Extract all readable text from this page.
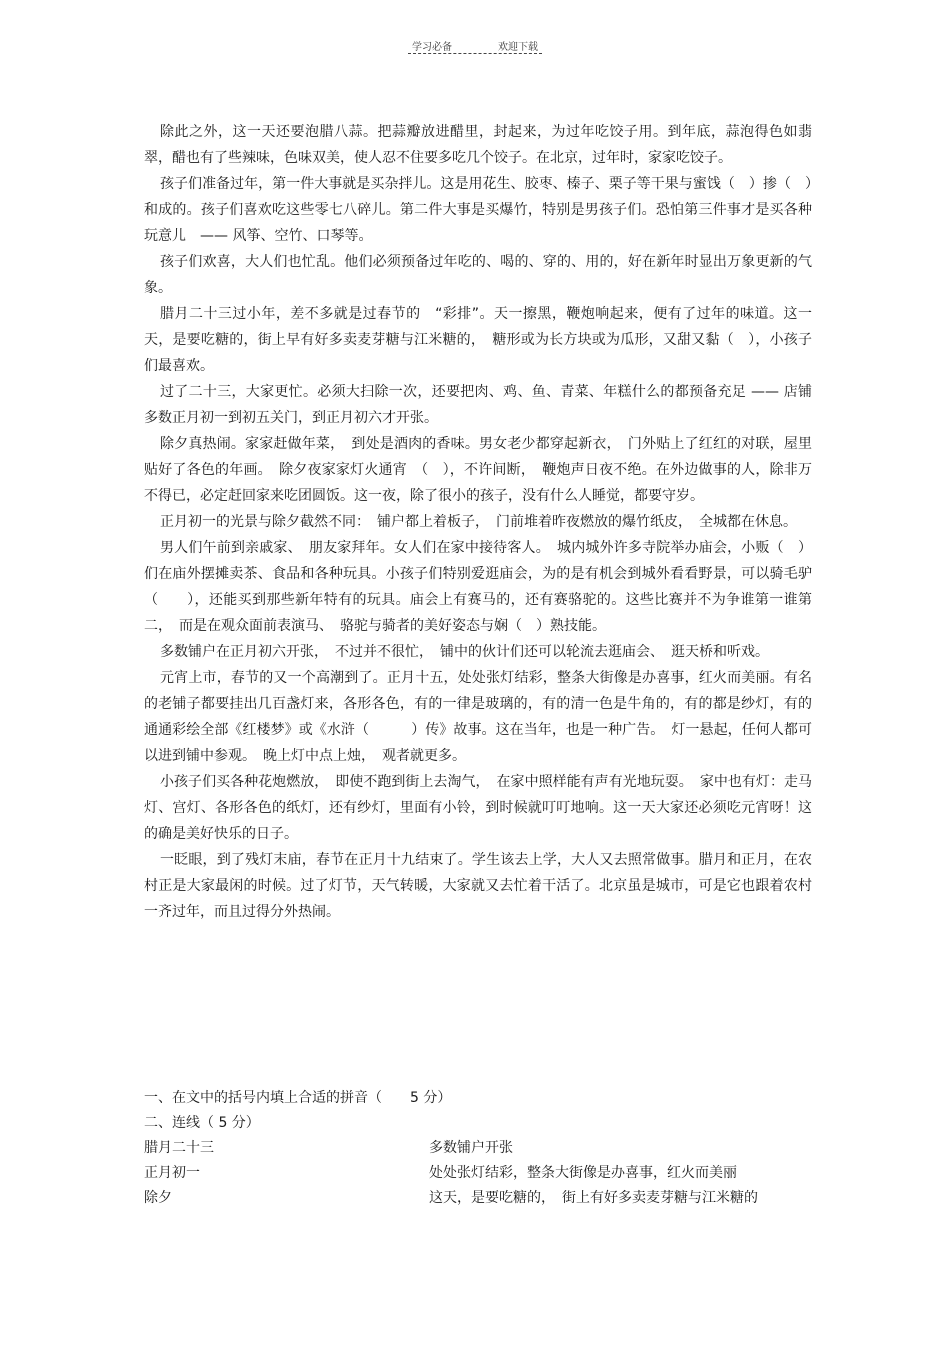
学习必备	欢迎下载

除此之外，这一天还要泡腊八蒜。把蒜瓣放进醋里，封起来，为过年吃饺子用。到年底，蒜泡得色如翡翠，醋也有了些辣味，色味双美，使人忍不住要多吃几个饺子。在北京，过年时，家家吃饺子。

孩子们准备过年，第一件大事就是买杂拌儿。这是用花生、胶枣、榛子、栗子等干果与蜜饯（　）掺（　）和成的。孩子们喜欢吃这些零七八碎儿。第二件大事是买爆竹，特别是男孩子们。恐怕第三件事才是买各种玩意儿　—— 风筝、空竹、口琴等。

孩子们欢喜，大人们也忙乱。他们必须预备过年吃的、喝的、穿的、用的，好在新年时显出万象更新的气象。

腊月二十三过小年，差不多就是过春节的　“彩排”。天一擦黑，鞭炮响起来，便有了过年的味道。这一天，是要吃糖的，街上早有好多卖麦芽糖与江米糖的，　糖形或为长方块或为瓜形，又甜又黏（　），小孩子们最喜欢。

过了二十三，大家更忙。必须大扫除一次，还要把肉、鸡、鱼、青菜、年糕什么的都预备充足 —— 店铺多数正月初一到初五关门，到正月初六才开张。

除夕真热闹。家家赶做年菜，　到处是酒肉的香味。男女老少都穿起新衣，　门外贴上了红红的对联，屋里贴好了各色的年画。　除夕夜家家灯火通宵　（　），不许间断，　鞭炮声日夜不绝。在外边做事的人，除非万不得已，必定赶回家来吃团圆饭。这一夜，除了很小的孩子，没有什么人睡觉，都要守岁。

正月初一的光景与除夕截然不同：　铺户都上着板子，　门前堆着昨夜燃放的爆竹纸皮，　全城都在休息。

男人们午前到亲戚家、　朋友家拜年。女人们在家中接待客人。　城内城外许多寺院举办庙会，小贩（　）们在庙外摆摊卖茶、食品和各种玩具。小孩子们特别爱逛庙会，为的是有机会到城外看看野景，可以骑毛驴（　　），还能买到那些新年特有的玩具。庙会上有赛马的，还有赛骆驼的。这些比赛并不为争谁第一谁第二，　而是在观众面前表演马、　骆驼与骑者的美好姿态与娴（　）熟技能。

多数铺户在正月初六开张，　不过并不很忙，　铺中的伙计们还可以轮流去逛庙会、　逛天桥和听戏。

元宵上市，春节的又一个高潮到了。正月十五，处处张灯结彩，整条大街像是办喜事，红火而美丽。有名的老铺子都要挂出几百盏灯来，各形各色，有的一律是玻璃的，有的清一色是牛角的，有的都是纱灯，有的通通彩绘全部《红楼梦》或《水浒（　　　）传》故事。这在当年，也是一种广告。　灯一悬起，任何人都可以进到铺中参观。　晚上灯中点上烛，　观者就更多。

小孩子们买各种花炮燃放，　即使不跑到街上去淘气，　在家中照样能有声有光地玩耍。　家中也有灯：走马灯、宫灯、各形各色的纸灯，还有纱灯，里面有小铃，到时候就叮叮地响。这一天大家还必须吃元宵呀！这的确是美好快乐的日子。

一眨眼，到了残灯末庙，春节在正月十九结束了。学生该去上学，大人又去照常做事。腊月和正月，在农村正是大家最闲的时候。过了灯节，天气转暖，大家就又去忙着干活了。北京虽是城市，可是它也跟着农村一齐过年，而且过得分外热闹。

一、在文中的括号内填上合适的拼音（　　5 分）

二、连线（ 5 分）

腊月二十三	多数铺户开张
正月初一	处处张灯结彩，整条大街像是办喜事，红火而美丽
除夕	这天，是要吃糖的，　街上有好多卖麦芽糖与江米糖的
